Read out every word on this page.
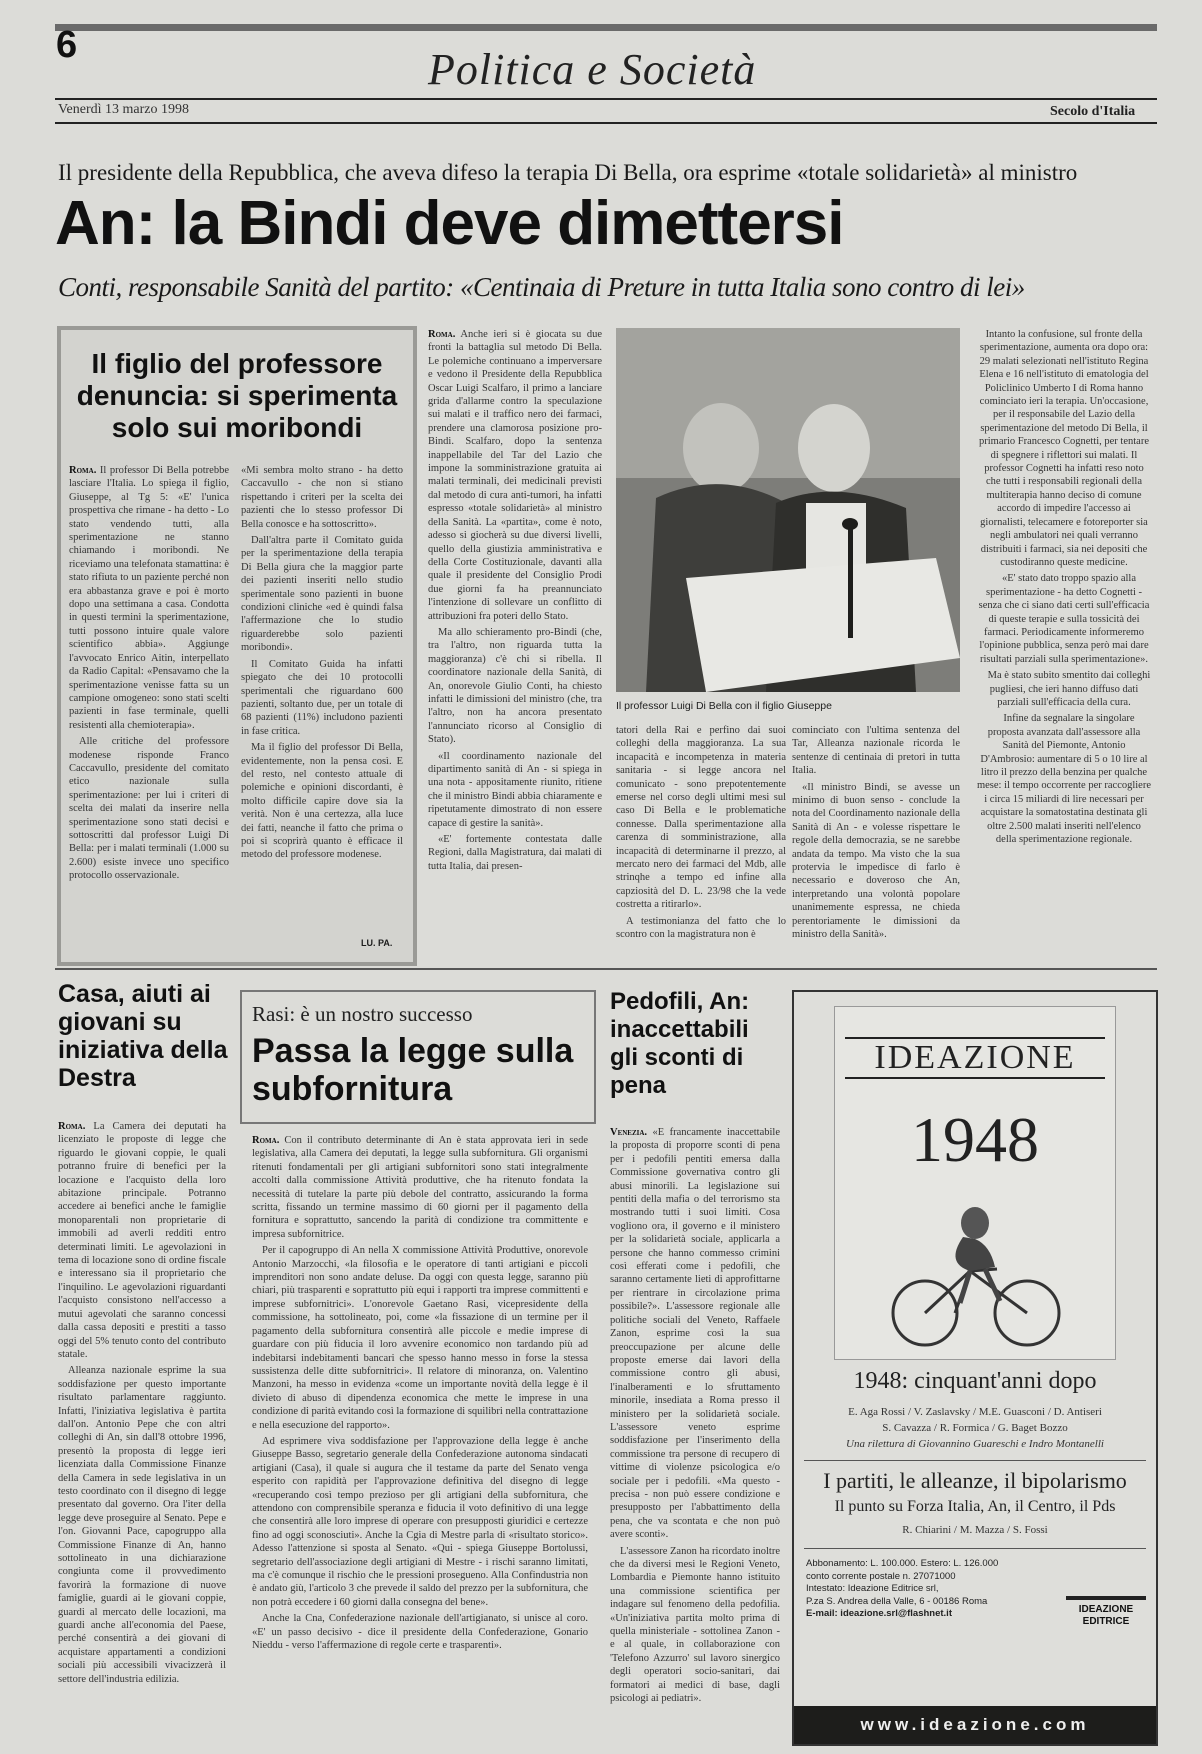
6	Politica e Società
Venerdì 13 marzo 1998	Secolo d'Italia
Il presidente della Repubblica, che aveva difeso la terapia Di Bella, ora esprime «totale solidarietà» al ministro
An: la Bindi deve dimettersi
Conti, responsabile Sanità del partito: «Centinaia di Preture in tutta Italia sono contro di lei»
Il figlio del professore denuncia: si sperimenta solo sui moribondi

Roma. Il professor Di Bella potrebbe lasciare l'Italia. Lo spiega il figlio, Giuseppe, al Tg 5: «E' l'unica prospettiva che rimane - ha detto - Lo stato vendendo tutti, alla sperimentazione ne stanno chiamando i moribondi. Ne riceviamo una telefonata stamattina: è stato rifiuta to un paziente perché non era abbastanza grave e poi è morto dopo una settimana a casa. Condotta in questi termini la sperimentazione, tutti possono intuire quale valore scientifico abbia». Aggiunge l'avvocato Enrico Aitin, interpellato da Radio Capital: «Pensavamo che la sperimentazione venisse fatta su un campione omogeneo: sono stati scelti pazienti in fase terminale, quelli resistenti alla chemioterapia».

Alle critiche del professore modenese risponde Franco Caccavullo, presidente del comitato etico nazionale sulla sperimentazione: per lui i criteri di scelta dei malati da inserire nella sperimentazione sono stati decisi e sottoscritti dal professor Luigi Di Bella: per i malati terminali (1.000 su 2.600) esiste invece uno specifico protocollo osservazionale.

«Mi sembra molto strano - ha detto Caccavullo - che non si stiano rispettando i criteri per la scelta dei pazienti che lo stesso professor Di Bella conosce e ha sottoscritto».

Dall'altra parte il Comitato guida per la sperimentazione della terapia Di Bella giura che la maggior parte dei pazienti inseriti nello studio sperimentale sono pazienti in buone condizioni cliniche «ed è quindi falsa l'affermazione che lo studio riguarderebbe solo pazienti moribondi».

Il Comitato Guida ha infatti spiegato che dei 10 protocolli sperimentali che riguardano 600 pazienti, soltanto due, per un totale di 68 pazienti (11%) includono pazienti in fase critica.

Ma il figlio del professor Di Bella, evidentemente, non la pensa così. E del resto, nel contesto attuale di polemiche e opinioni discordanti, è molto difficile capire dove sia la verità. Non è una certezza, alla luce dei fatti, neanche il fatto che prima o poi si scoprirà quanto è efficace il metodo del professore modenese.

LU. PA.

Roma. Anche ieri si è giocata su due fronti la battaglia sul metodo Di Bella. Le polemiche continuano a imperversare e vedono il Presidente della Repubblica Oscar Luigi Scalfaro, il primo a lanciare grida d'allarme contro la speculazione sui malati e il traffico nero dei farmaci, prendere una clamorosa posizione pro-Bindi. Scalfaro, dopo la sentenza inappellabile del Tar del Lazio che impone la somministrazione gratuita ai malati terminali, dei medicinali previsti dal metodo di cura anti-tumori, ha infatti espresso «totale solidarietà» al ministro della Sanità. La «partita», come è noto, adesso si giocherà su due diversi livelli, quello della giustizia amministrativa e della Corte Costituzionale, davanti alla quale il presidente del Consiglio Prodi due giorni fa ha preannunciato l'intenzione di sollevare un conflitto di attribuzioni fra poteri dello Stato.

Ma allo schieramento pro-Bindi (che, tra l'altro, non riguarda tutta la maggioranza) c'è chi si ribella. Il coordinatore nazionale della Sanità, di An, onorevole Giulio Conti, ha chiesto infatti le dimissioni del ministro (che, tra l'altro, non ha ancora presentato l'annunciato ricorso al Consiglio di Stato).

«Il coordinamento nazionale del dipartimento sanità di An - si spiega in una nota - appositamente riunito, ritiene che il ministro Bindi abbia chiaramente e ripetutamente dimostrato di non essere capace di gestire la sanità».

«E' fortemente contestata dalle Regioni, dalla Magistratura, dai malati di tutta Italia, dai presen-

Il professor Luigi Di Bella con il figlio Giuseppe

tatori della Rai e perfino dai suoi colleghi della maggioranza. La sua incapacità e incompetenza in materia sanitaria - si legge ancora nel comunicato - sono prepotentemente emerse nel corso degli ultimi mesi sul caso Di Bella e le problematiche connesse. Dalla sperimentazione alla carenza di somministrazione, alla incapacità di determinarne il prezzo, al mercato nero dei farmaci del Mdb, alle strinqhe a tempo ed infine alla capziosità del D. L. 23/98 che la vede costretta a ritirarlo».

A testimonianza del fatto che lo scontro con la magistratura non è

cominciato con l'ultima sentenza del Tar, Alleanza nazionale ricorda le sentenze di centinaia di pretori in tutta Italia.

«Il ministro Bindi, se avesse un minimo di buon senso - conclude la nota del Coordinamento nazionale della Sanità di An - e volesse rispettare le regole della democrazia, se ne sarebbe andata da tempo. Ma visto che la sua protervia le impedisce di farlo è necessario e doveroso che An, interpretando una volontà popolare unanimemente espressa, ne chieda perentoriamente le dimissioni da ministro della Sanità».

Intanto la confusione, sul fronte della sperimentazione, aumenta ora dopo ora: 29 malati selezionati nell'istituto Regina Elena e 16 nell'istituto di ematologia del Policlinico Umberto I di Roma hanno cominciato ieri la terapia. Un'occasione, per il responsabile del Lazio della sperimentazione del metodo Di Bella, il primario Francesco Cognetti, per tentare di spegnere i riflettori sui malati. Il professor Cognetti ha infatti reso noto che tutti i responsabili regionali della multiterapia hanno deciso di comune accordo di impedire l'accesso ai giornalisti, telecamere e fotoreporter sia negli ambulatori nei quali verranno distribuiti i farmaci, sia nei depositi che custodiranno queste medicine.

«E' stato dato troppo spazio alla sperimentazione - ha detto Cognetti - senza che ci siano dati certi sull'efficacia di queste terapie e sulla tossicità dei farmaci. Periodicamente informeremo l'opinione pubblica, senza però mai dare risultati parziali sulla sperimentazione».

Ma è stato subito smentito dai colleghi pugliesi, che ieri hanno diffuso dati parziali sull'efficacia della cura.

Infine da segnalare la singolare proposta avanzata dall'assessore alla Sanità del Piemonte, Antonio D'Ambrosio: aumentare di 5 o 10 lire al litro il prezzo della benzina per qualche mese: il tempo occorrente per raccogliere i circa 15 miliardi di lire necessari per acquistare la somatostatina destinata gli oltre 2.500 malati inseriti nell'elenco della sperimentazione regionale.

Casa, aiuti ai giovani su iniziativa della Destra

Roma. La Camera dei deputati ha licenziato le proposte di legge che riguardo le giovani coppie, le quali potranno fruire di benefici per la locazione e l'acquisto della loro abitazione principale. Potranno accedere ai benefici anche le famiglie monoparentali non proprietarie di immobili ad averli redditi entro determinati limiti. Le agevolazioni in tema di locazione sono di ordine fiscale e interessano sia il proprietario che l'inquilino. Le agevolazioni riguardanti l'acquisto consistono nell'accesso a mutui agevolati che saranno concessi dalla cassa depositi e prestiti a tasso oggi del 5% tenuto conto del contributo statale.

Alleanza nazionale esprime la sua soddisfazione per questo importante risultato parlamentare raggiunto. Infatti, l'iniziativa legislativa è partita dall'on. Antonio Pepe che con altri colleghi di An, sin dall'8 ottobre 1996, presentò la proposta di legge ieri licenziata dalla Commissione Finanze della Camera in sede legislativa in un testo coordinato con il disegno di legge presentato dal governo. Ora l'iter della legge deve proseguire al Senato. Pepe e l'on. Giovanni Pace, capogruppo alla Commissione Finanze di An, hanno sottolineato in una dichiarazione congiunta come il provvedimento favorirà la formazione di nuove famiglie, guardi ai le giovani coppie, guardi al mercato delle locazioni, ma guardi anche all'economia del Paese, perché consentirà a dei giovani di acquistare appartamenti a condizioni sociali più accessibili vivacizzerà il settore dell'industria edilizia.

Rasi: è un nostro successo
Passa la legge sulla subfornitura

Roma. Con il contributo determinante di An è stata approvata ieri in sede legislativa, alla Camera dei deputati, la legge sulla subfornitura. Gli organismi ritenuti fondamentali per gli artigiani subfornitori sono stati integralmente accolti dalla commissione Attività produttive, che ha ritenuto fondata la necessità di tutelare la parte più debole del contratto, assicurando la forma scritta, fissando un termine massimo di 60 giorni per il pagamento della fornitura e soprattutto, sancendo la parità di condizione tra committente e impresa subfornitrice.

Per il capogruppo di An nella X commissione Attività Produttive, onorevole Antonio Marzocchi, «la filosofia e le operatore di tanti artigiani e piccoli imprenditori non sono andate deluse. Da oggi con questa legge, saranno più chiari, più trasparenti e soprattutto più equi i rapporti tra imprese committenti e imprese subfornitrici». L'onorevole Gaetano Rasi, vicepresidente della commissione, ha sottolineato, poi, come «la fissazione di un termine per il pagamento della subfornitura consentirà alle piccole e medie imprese di guardare con più fiducia il loro avvenire economico non tardando più ad indebitarsi indebitamenti bancari che spesso hanno messo in forse la stessa sussistenza delle ditte subfornitrici». Il relatore di minoranza, on. Valentino Manzoni, ha messo in evidenza «come un importante novità della legge è il divieto di abuso di dipendenza economica che mette le imprese in una condizione di parità evitando così la formazione di squilibri nella contrattazione e nella esecuzione del rapporto».

Ad esprimere viva soddisfazione per l'approvazione della legge è anche Giuseppe Basso, segretario generale della Confederazione autonoma sindacati artigiani (Casa), il quale si augura che il testame da parte del Senato venga esperito con rapidità per l'approvazione definitiva del disegno di legge «recuperando così tempo prezioso per gli artigiani della subfornitura, che attendono con comprensibile speranza e fiducia il voto definitivo di una legge che consentirà alle loro imprese di operare con presupposti giuridici e certezze fino ad oggi sconosciuti». Anche la Cgia di Mestre parla di «risultato storico». Adesso l'attenzione si sposta al Senato. «Qui - spiega Giuseppe Bortolussi, segretario dell'associazione degli artigiani di Mestre - i rischi saranno limitati, ma c'è comunque il rischio che le pressioni prosegueno. Alla Confindustria non è andato giù, l'articolo 3 che prevede il saldo del prezzo per la subfornitura, che non potrà eccedere i 60 giorni dalla consegna del bene».

Anche la Cna, Confederazione nazionale dell'artigianato, si unisce al coro. «E' un passo decisivo - dice il presidente della Confederazione, Gonario Nieddu - verso l'affermazione di regole certe e trasparenti».

Pedofili, An: inaccettabili gli sconti di pena

Venezia. «E francamente inaccettabile la proposta di proporre sconti di pena per i pedofili pentiti emersa dalla Commissione governativa contro gli abusi minorili. La legislazione sui pentiti della mafia o del terrorismo sta mostrando tutti i suoi limiti. Cosa vogliono ora, il governo e il ministero per la solidarietà sociale, applicarla a persone che hanno commesso crimini così efferati come i pedofili, che saranno certamente lieti di approfittarne per rientrare in circolazione prima possibile?». L'assessore regionale alle politiche sociali del Veneto, Raffaele Zanon, esprime così la sua preoccupazione per alcune delle proposte emerse dai lavori della commissione contro gli abusi, l'inalberamenti e lo sfruttamento minorile, insediata a Roma presso il ministero per la solidarietà sociale. L'assessore veneto esprime soddisfazione per l'inserimento della commissione tra persone di recupero di vittime di violenze psicologica e/o sociale per i pedofili. «Ma questo - precisa - non può essere condizione e presupposto per l'abbattimento della pena, che va scontata e che non può avere sconti».

L'assessore Zanon ha ricordato inoltre che da diversi mesi le Regioni Veneto, Lombardia e Piemonte hanno istituito una commissione scientifica per indagare sul fenomeno della pedofilia. «Un'iniziativa partita molto prima di quella ministeriale - sottolinea Zanon - e al quale, in collaborazione con 'Telefono Azzurro' sul lavoro sinergico degli operatori socio-sanitari, dai formatori ai medici di base, dagli psicologi ai pediatri».

IDEAZIONE
1948
1948: cinquant'anni dopo
E. Aga Rossi / V. Zaslavsky / M.E. Guasconi / D. Antiseri
S. Cavazza / R. Formica / G. Baget Bozzo
Una rilettura di Giovannino Guareschi e Indro Montanelli
I partiti, le alleanze, il bipolarismo
Il punto su Forza Italia, An, il Centro, il Pds
R. Chiarini / M. Mazza / S. Fossi
Abbonamento: L. 100.000. Estero: L. 126.000
conto corrente postale n. 27071000
Intestato: Ideazione Editrice srl,
P.za S. Andrea della Valle, 6 - 00186 Roma
E-mail: ideazione.srl@flashnet.it	IDEAZIONE EDITRICE
www.ideazione.com
